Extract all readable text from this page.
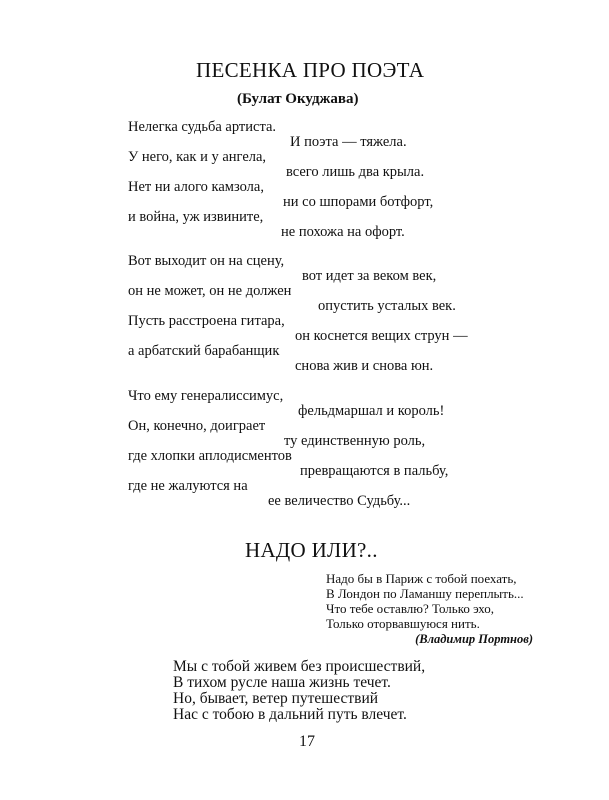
ПЕСЕНКА ПРО ПОЭТА
(Булат Окуджава)
Нелегка судьба артиста.
И поэта — тяжела.
У него, как и у ангела,
всего лишь два крыла.
Нет ни алого камзола,
ни со шпорами ботфорт,
и война, уж извините,
не похожа на офорт.
Вот выходит он на сцену,
вот идет за веком век,
он не может, он не должен
опустить усталых век.
Пусть расстроена гитара,
он коснется вещих струн —
а арбатский барабанщик
снова жив и снова юн.
Что ему генералиссимус,
фельдмаршал и король!
Он, конечно, доиграет
ту единственную роль,
где хлопки аплодисментов
превращаются в пальбу,
где не жалуются на
ее величество Судьбу...
НАДО ИЛИ?..
Надо бы в Париж с тобой поехать,
В Лондон по Ламаншу переплыть...
Что тебе оставлю? Только эхо,
Только оторвавшуюся нить.
(Владимир Портнов)
Мы с тобой живем без происшествий,
В тихом русле наша жизнь течет.
Но, бывает, ветер путешествий
Нас с тобою в дальний путь влечет.
17
